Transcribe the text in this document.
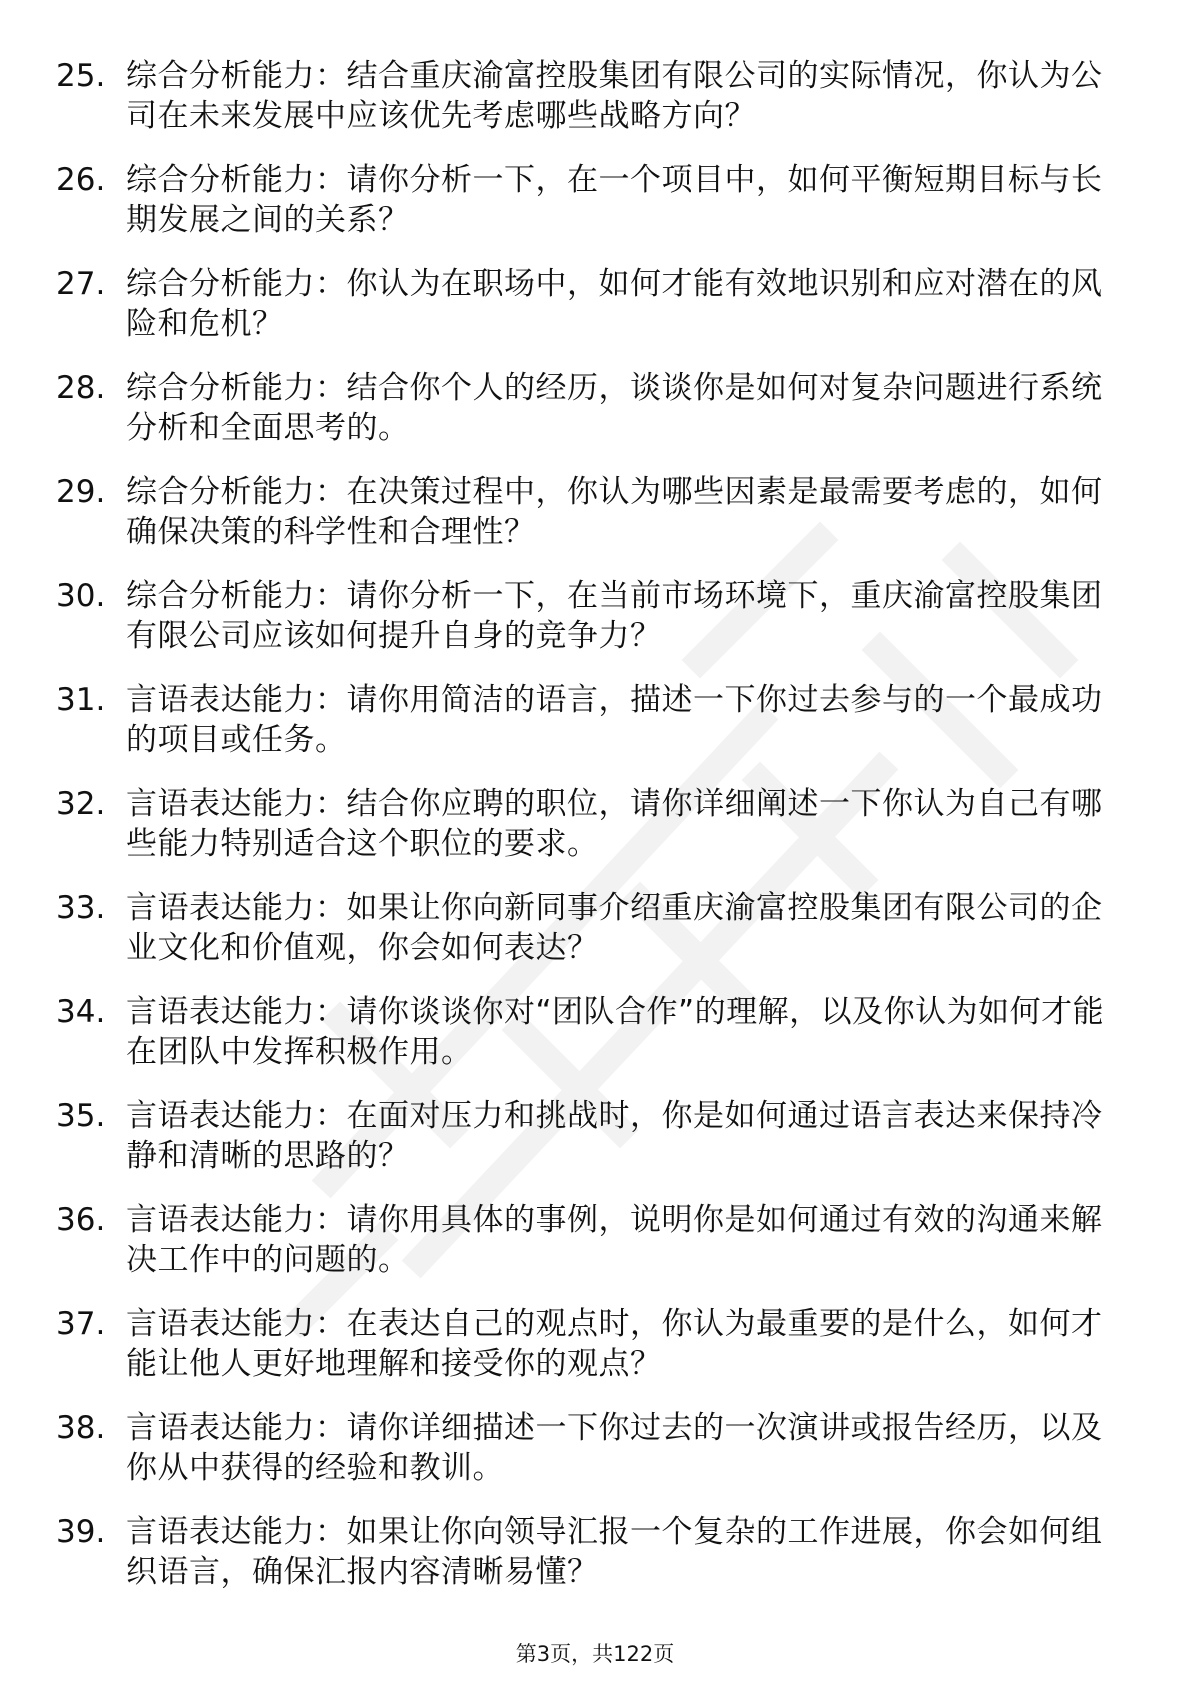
25. 综合分析能力：结合重庆渝富控股集团有限公司的实际情况，你认为公司在未来发展中应该优先考虑哪些战略方向？
26. 综合分析能力：请你分析一下，在一个项目中，如何平衡短期目标与长期发展之间的关系？
27. 综合分析能力：你认为在职场中，如何才能有效地识别和应对潜在的风险和危机？
28. 综合分析能力：结合你个人的经历，谈谈你是如何对复杂问题进行系统分析和全面思考的。
29. 综合分析能力：在决策过程中，你认为哪些因素是最需要考虑的，如何确保决策的科学性和合理性？
30. 综合分析能力：请你分析一下，在当前市场环境下，重庆渝富控股集团有限公司应该如何提升自身的竞争力？
31. 言语表达能力：请你用简洁的语言，描述一下你过去参与的一个最成功的项目或任务。
32. 言语表达能力：结合你应聘的职位，请你详细阐述一下你认为自己有哪些能力特别适合这个职位的要求。
33. 言语表达能力：如果让你向新同事介绍重庆渝富控股集团有限公司的企业文化和价值观，你会如何表达？
34. 言语表达能力：请你谈谈你对“团队合作”的理解，以及你认为如何才能在团队中发挥积极作用。
35. 言语表达能力：在面对压力和挑战时，你是如何通过语言表达来保持冷静和清晰的思路的？
36. 言语表达能力：请你用具体的事例，说明你是如何通过有效的沟通来解决工作中的问题的。
37. 言语表达能力：在表达自己的观点时，你认为最重要的是什么，如何才能让他人更好地理解和接受你的观点？
38. 言语表达能力：请你详细描述一下你过去的一次演讲或报告经历，以及你从中获得的经验和教训。
39. 言语表达能力：如果让你向领导汇报一个复杂的工作进展，你会如何组织语言，确保汇报内容清晰易懂？
第3页，共122页
